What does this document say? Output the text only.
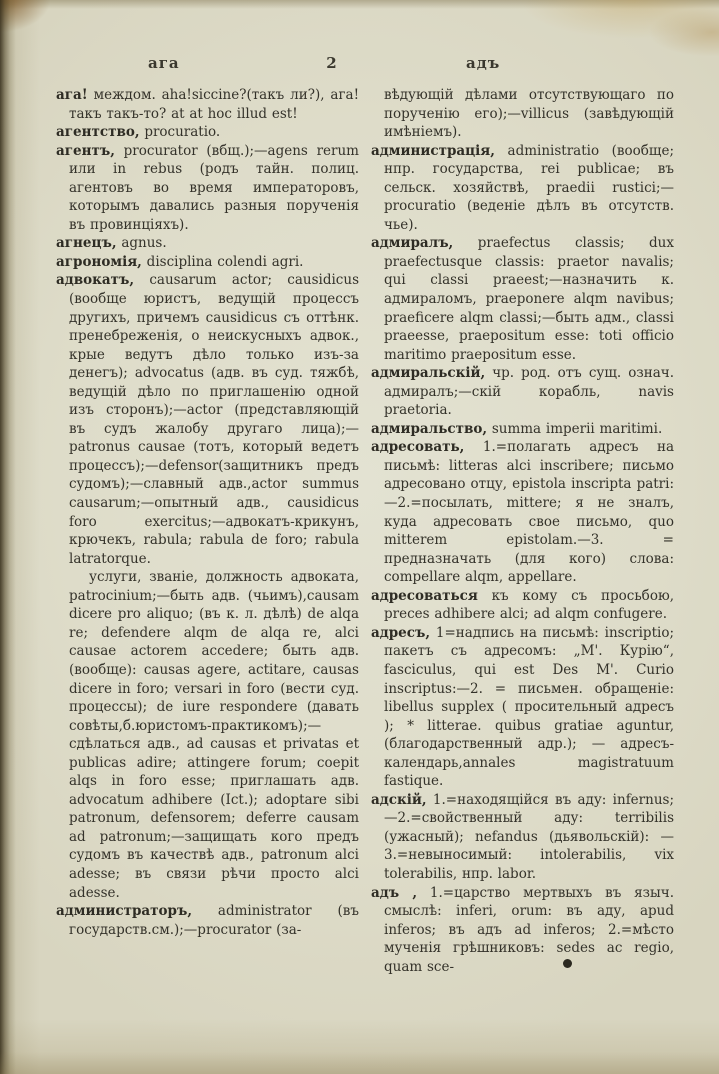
ага	2	адъ

ага! междом. aha!siccine?(такъ ли?), ага! такъ такъ-то? at at hoc illud est!

агентство, procuratio.

агентъ, procurator (вбщ.);—agens rerum или in rebus (родъ тайн. полиц. агентовъ во время императоровъ, которымъ давались разныя порученія въ провинціяхъ).

агнецъ, agnus.

агрономія, disciplina colendi agri.

адвокатъ, causarum actor; causidicus (вообще юристъ, ведущій процессъ другихъ, причемъ causidicus съ оттѣнк. пренебреженія, о неискусныхъ адвок., крые ведутъ дѣло только изъ-за денегъ); advocatus (адв. въ суд. тяжбѣ, ведущій дѣло по приглашенію одной изъ сторонъ);—actor (представляющій въ судъ жалобу другаго лица);—patronus causae (тотъ, который ведетъ процессъ);—defensor(защитникъ предъ судомъ);—славный адв.,actor summus causarum;—опытный адв., causidicus foro exercitus;—адвокатъ-крикунъ, крючекъ, rabula; rabula de foro; rabula latratorque.

услуги, званіе, должность адвоката, patrocinium;—быть адв. (чьимъ),causam dicere pro aliquo; (въ к. л. дѣлѣ) de alqa re; defendere alqm de alqa re, alci causae actorem accedere; быть адв. (вообще): causas agere, actitare, causas dicere in foro; versari in foro (вести суд. процессы); de iure respondere (давать совѣты,б.юристомъ-практикомъ);—сдѣлаться адв., ad causas et privatas et publicas adire; attingere forum; coepit alqs in foro esse; приглашать адв. advocatum adhibere (Ict.); adoptare sibi patronum, defensorem; deferre causam ad patronum;—защищать кого предъ судомъ въ качествѣ адв., patronum alci adesse; въ связи рѣчи просто alci adesse.

администраторъ, administrator (въ государств.см.);—procurator (за-

вѣдующій дѣлами отсутствующаго по порученію его);—villicus (завѣдующій имѣніемъ).

администрація, administratio (вообще; нпр. государства, rei publicae; въ сельск. хозяйствѣ, praedii rustici;—procuratio (веденіе дѣлъ въ отсутств. чье).

адмиралъ, praefectus classis; dux praefectusque classis: praetor navalis; qui classi praeest;—назначить к. адмираломъ, praeponere alqm navibus; praeficere alqm classi;—быть адм., classi praeesse, praepositum esse: toti officio maritimo praepositum esse.

адмиральскій, чр. род. отъ сущ. означ. адмиралъ;—скій корабль, navis praetoria.

адмиральство, summa imperii maritimi.

адресовать, 1.=полагать адресъ на письмѣ: litteras alci inscribere; письмо адресовано отцу, epistola inscripta patri:—2.=посылать, mittere; я не зналъ, куда адресовать свое письмо, quo mitterem epistolam.—3. = предназначать (для кого) слова: compellare alqm, appellare.

адресоваться къ кому съ просьбою, preces adhibere alci; ad alqm confugere.

адресъ, 1=надпись на письмѣ: inscriptio; пакетъ съ адресомъ: „М'. Курію“, fasciculus, qui est Des M'. Curio inscriptus:—2. = письмен. обращеніе: libellus supplex ( просительный адресъ ); * litterae. quibus gratiae aguntur, (благодарственный адр.); — адресъ-календарь,annales magistratuum fastique.

адскій, 1.=находящійся въ аду: infernus;—2.=свойственный аду: terribilis (ужасный); nefandus (дьявольскій): — 3.=невыносимый: intolerabilis, vix tolerabilis, нпр. labor.

адъ , 1.=царство мертвыхъ въ языч. смыслѣ: inferi, orum: въ аду, apud inferos; въ адъ ad inferos; 2.=мѣсто мученія грѣшниковъ: sedes ac regio, quam sce-
